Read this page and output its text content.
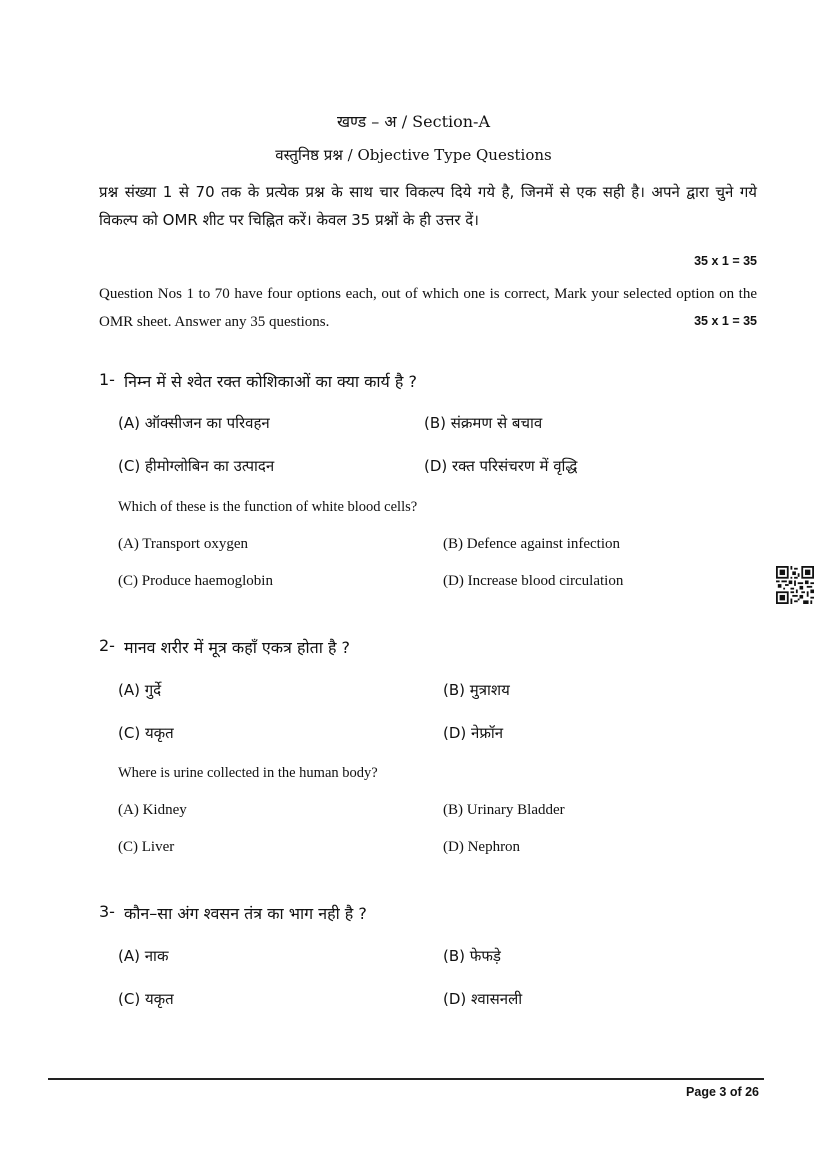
खण्ड – अ / Section-A
वस्तुनिष्ठ प्रश्न / Objective Type Questions
प्रश्न संख्या 1 से 70 तक के प्रत्येक प्रश्न के साथ चार विकल्प दिये गये है, जिनमें से एक सही है। अपने द्वारा चुने गये विकल्प को OMR शीट पर चिह्नित करें। केवल 35 प्रश्नों के ही उत्तर दें।
35 x 1 = 35
Question Nos 1 to 70 have four options each, out of which one is correct, Mark your selected option on the OMR sheet. Answer any 35 questions.	35 x 1 = 35
1- निम्न में से श्वेत रक्त कोशिकाओं का क्या कार्य है ?
(A) ऑक्सीजन का परिवहन	(B) संक्रमण से बचाव
(C) हीमोग्लोबिन का उत्पादन	(D) रक्त परिसंचरण में वृद्धि
Which of these is the function of white blood cells?
(A) Transport oxygen	(B) Defence against infection
(C) Produce haemoglobin	(D) Increase blood circulation
2- मानव शरीर में मूत्र कहाँ एकत्र होता है ?
(A) गुर्दे	(B) मुत्राशय
(C) यकृत	(D) नेफ्रॉन
Where is urine collected in the human body?
(A) Kidney	(B) Urinary Bladder
(C) Liver	(D) Nephron
3- कौन–सा अंग श्वसन तंत्र का भाग नही है ?
(A) नाक	(B) फेफड़े
(C) यकृत	(D) श्वासनली
Page 3 of 26
